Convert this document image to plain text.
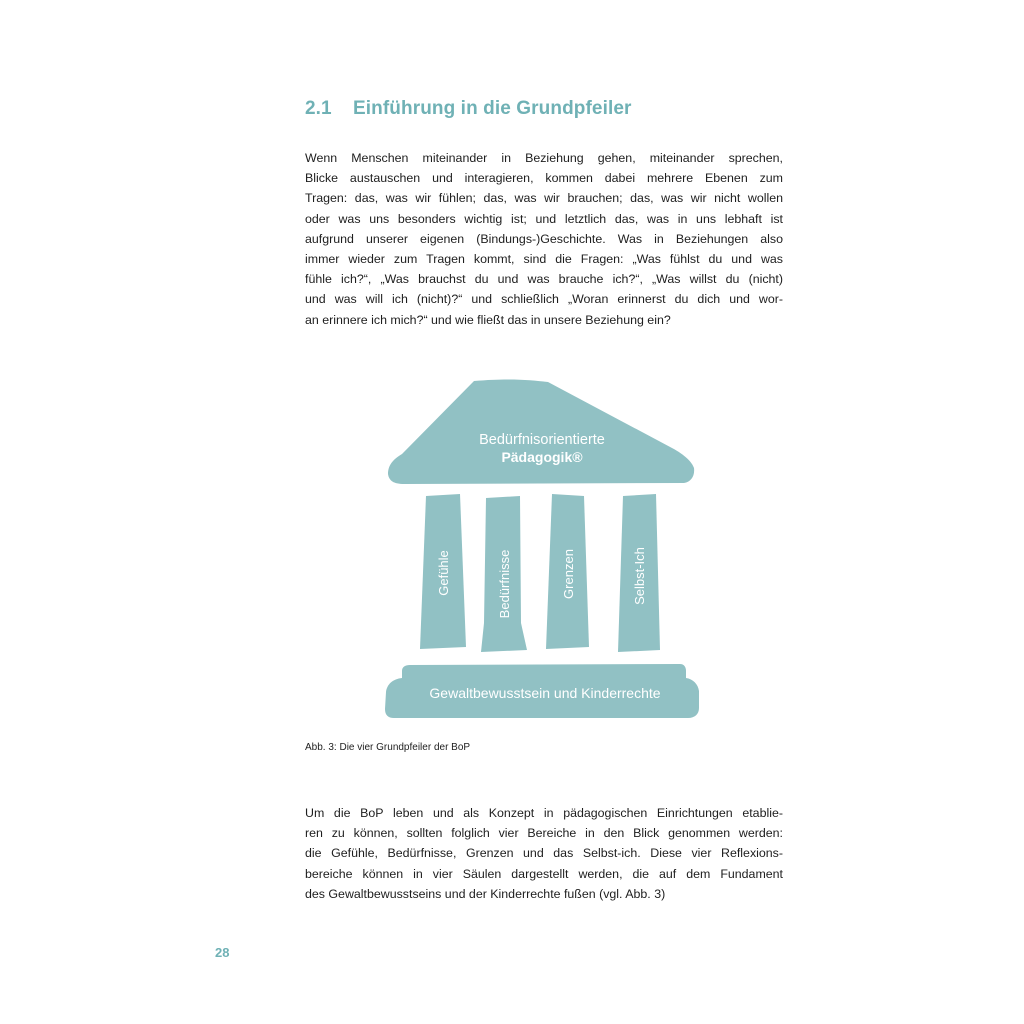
2.1 Einführung in die Grundpfeiler
Wenn Menschen miteinander in Beziehung gehen, miteinander sprechen,
Blicke austauschen und interagieren, kommen dabei mehrere Ebenen zum
Tragen: das, was wir fühlen; das, was wir brauchen; das, was wir nicht wollen
oder was uns besonders wichtig ist; und letztlich das, was in uns lebhaft ist
aufgrund unserer eigenen (Bindungs-)Geschichte. Was in Beziehungen also
immer wieder zum Tragen kommt, sind die Fragen: „Was fühlst du und was
fühle ich?“, „Was brauchst du und was brauche ich?“, „Was willst du (nicht)
und was will ich (nicht)?“ und schließlich „Woran erinnerst du dich und wor-
an erinnere ich mich?“ und wie fließt das in unsere Beziehung ein?
Bedürfnisorientierte
Pädagogik®
Gefühle	Bedürfnisse	Grenzen	Selbst-Ich
Gewaltbewusstsein und Kinderrechte

Abb. 3: Die vier Grundpfeiler der BoP

Um die BoP leben und als Konzept in pädagogischen Einrichtungen etablie-
ren zu können, sollten folglich vier Bereiche in den Blick genommen werden:
die Gefühle, Bedürfnisse, Grenzen und das Selbst-ich. Diese vier Reflexions-
bereiche können in vier Säulen dargestellt werden, die auf dem Fundament
des Gewaltbewusstseins und der Kinderrechte fußen (vgl. Abb. 3)

28
